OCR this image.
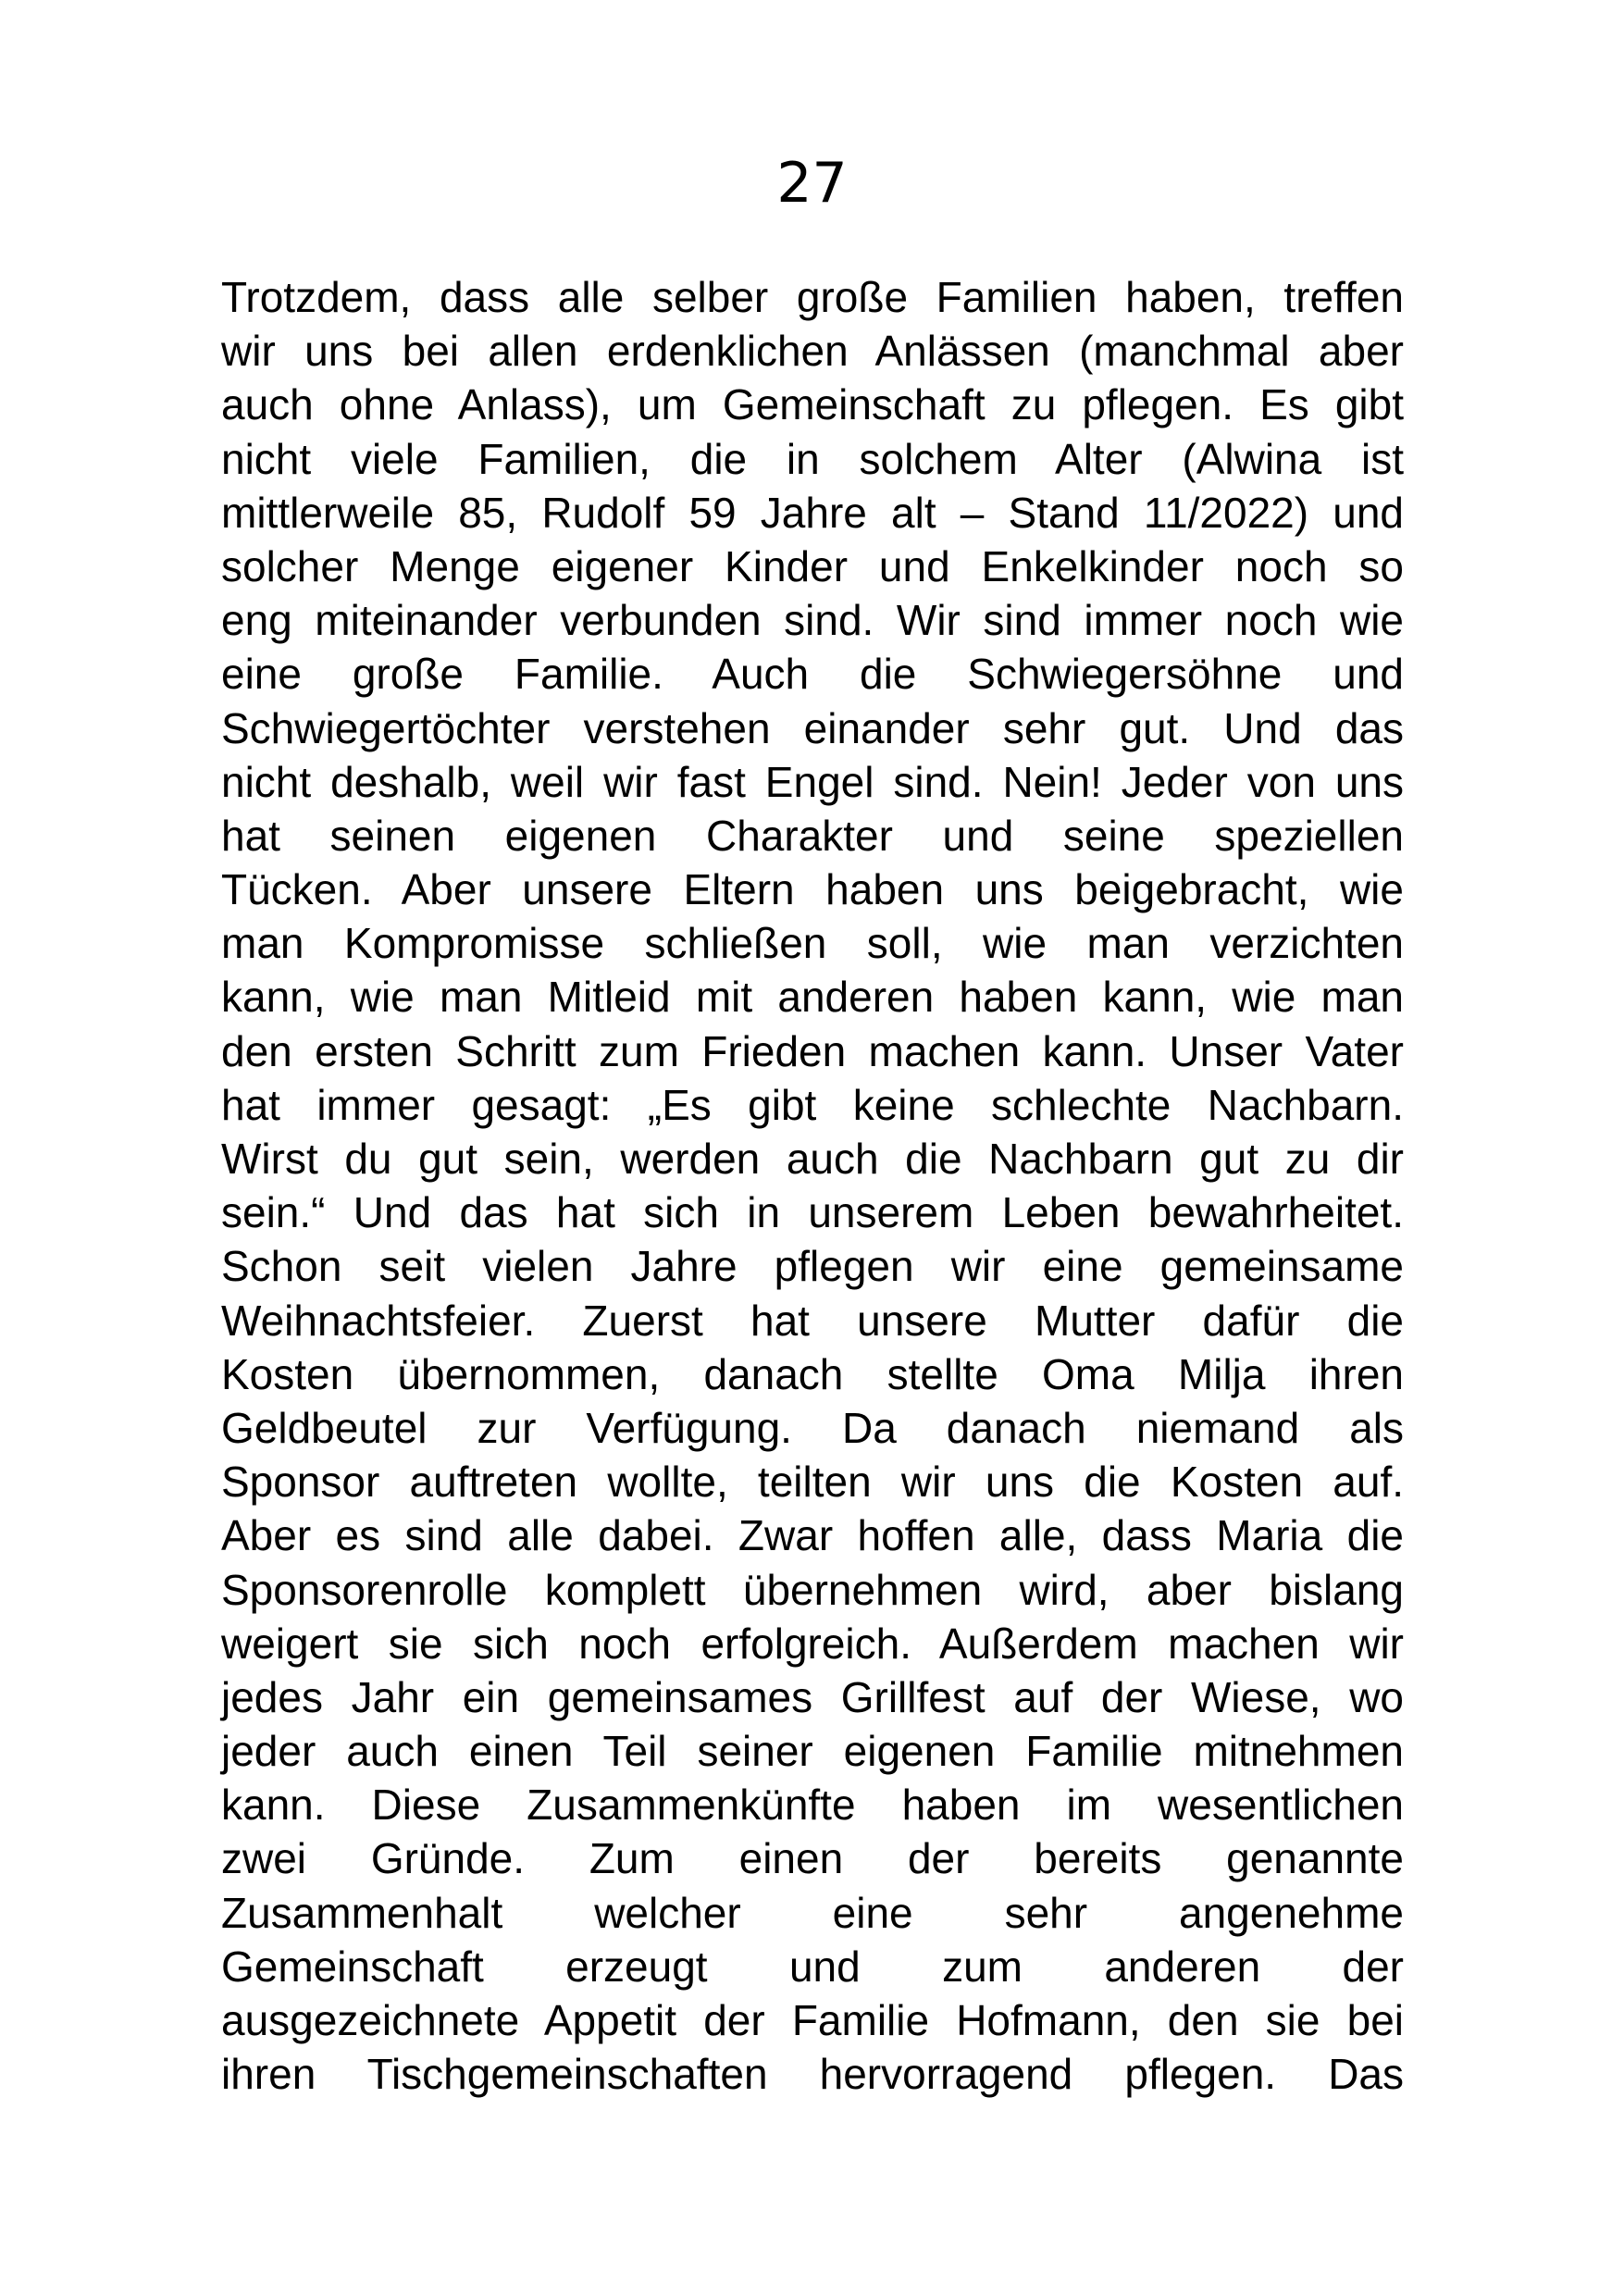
27
Trotzdem, dass alle selber große Familien haben, treffen
wir uns bei allen erdenklichen Anlässen (manchmal aber
auch ohne Anlass), um Gemeinschaft zu pflegen. Es gibt
nicht viele Familien, die in solchem Alter (Alwina ist
mittlerweile 85, Rudolf 59 Jahre alt – Stand 11/2022) und
solcher Menge eigener Kinder und Enkelkinder noch so
eng miteinander verbunden sind. Wir sind immer noch wie
eine große Familie. Auch die Schwiegersöhne und
Schwiegertöchter verstehen einander sehr gut. Und das
nicht deshalb, weil wir fast Engel sind. Nein! Jeder von uns
hat seinen eigenen Charakter und seine speziellen
Tücken. Aber unsere Eltern haben uns beigebracht, wie
man Kompromisse schließen soll, wie man verzichten
kann, wie man Mitleid mit anderen haben kann, wie man
den ersten Schritt zum Frieden machen kann. Unser Vater
hat immer gesagt: „Es gibt keine schlechte Nachbarn.
Wirst du gut sein, werden auch die Nachbarn gut zu dir
sein.“ Und das hat sich in unserem Leben bewahrheitet.
Schon seit vielen Jahre pflegen wir eine gemeinsame
Weihnachtsfeier. Zuerst hat unsere Mutter dafür die
Kosten übernommen, danach stellte Oma Milja ihren
Geldbeutel zur Verfügung. Da danach niemand als
Sponsor auftreten wollte, teilten wir uns die Kosten auf.
Aber es sind alle dabei. Zwar hoffen alle, dass Maria die
Sponsorenrolle komplett übernehmen wird, aber bislang
weigert sie sich noch erfolgreich. Außerdem machen wir
jedes Jahr ein gemeinsames Grillfest auf der Wiese, wo
jeder auch einen Teil seiner eigenen Familie mitnehmen
kann. Diese Zusammenkünfte haben im wesentlichen
zwei Gründe. Zum einen der bereits genannte
Zusammenhalt welcher eine sehr angenehme
Gemeinschaft erzeugt und zum anderen der
ausgezeichnete Appetit der Familie Hofmann, den sie bei
ihren Tischgemeinschaften hervorragend pflegen. Das
